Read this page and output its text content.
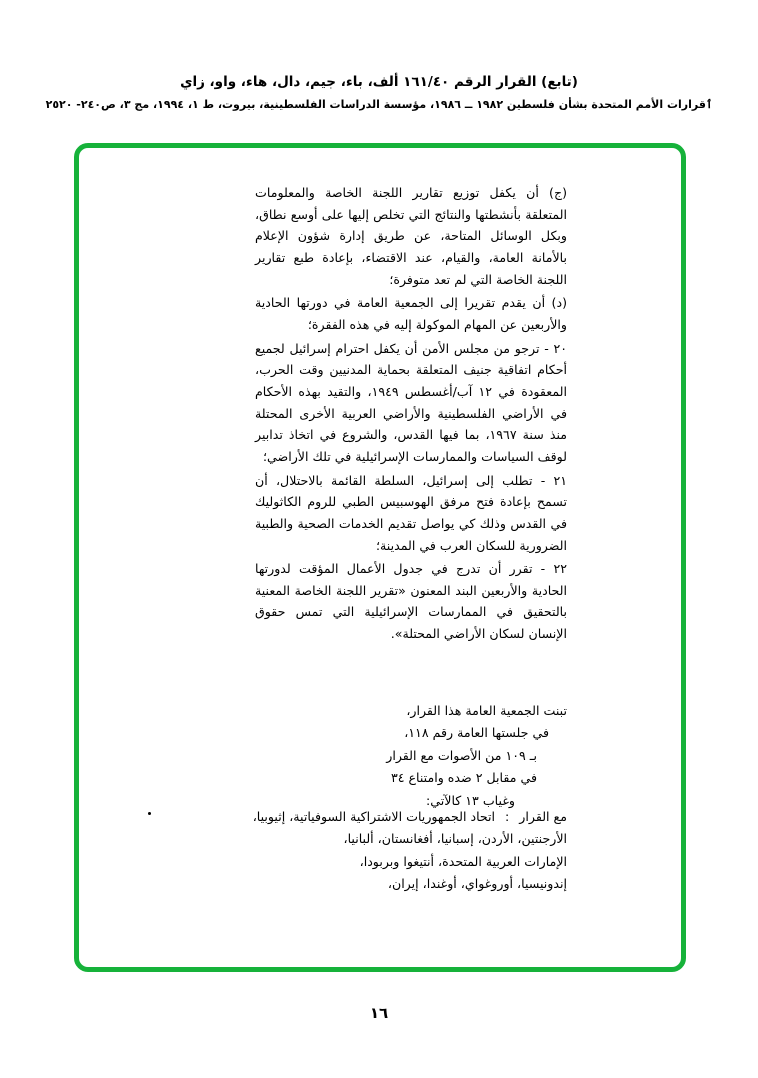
(تابع) القرار الرقم ١٦١/٤٠ ألف، باء، جيم، دال، هاء، واو، زاي
ٲقرارات الأمم المتحدة بشأن فلسطين ١٩٨٢ ــ ١٩٨٦، مؤسسة الدراسات الفلسطينية، بيروت، ط ١، ١٩٩٤، مج ٣، ص٢٤٠- ٢٥٢٠

(ج) أن يكفل توزيع تقارير اللجنة الخاصة والمعلومات المتعلقة بأنشطتها والنتائج التي تخلص إليها على أوسع نطاق، وبكل الوسائل المتاحة، عن طريق إدارة شؤون الإعلام بالأمانة العامة، والقيام، عند الاقتضاء، بإعادة طبع تقارير اللجنة الخاصة التي لم تعد متوفرة؛

(د) أن يقدم تقريرا إلى الجمعية العامة في دورتها الحادية والأربعين عن المهام الموكولة إليه في هذه الفقرة؛

٢٠ - ترجو من مجلس الأمن أن يكفل احترام إسرائيل لجميع أحكام اتفاقية جنيف المتعلقة بحماية المدنيين وقت الحرب، المعقودة في ١٢ آب/أغسطس ١٩٤٩، والتقيد بهذه الأحكام في الأراضي الفلسطينية والأراضي العربية الأخرى المحتلة منذ سنة ١٩٦٧، بما فيها القدس، والشروع في اتخاذ تدابير لوقف السياسات والممارسات الإسرائيلية في تلك الأراضي؛

٢١ - تطلب إلى إسرائيل، السلطة القائمة بالاحتلال، أن تسمح بإعادة فتح مرفق الهوسبيس الطبي للروم الكاثوليك في القدس وذلك كي يواصل تقديم الخدمات الصحية والطبية الضرورية للسكان العرب في المدينة؛

٢٢ - تقرر أن تدرج في جدول الأعمال المؤقت لدورتها الحادية والأربعين البند المعنون «تقرير اللجنة الخاصة المعنية بالتحقيق في الممارسات الإسرائيلية التي تمس حقوق الإنسان لسكان الأراضي المحتلة».

تبنت الجمعية العامة هذا القرار،
في جلستها العامة رقم ١١٨،
بـ ١٠٩ من الأصوات مع القرار
في مقابل ٢ ضده وامتناع ٣٤
وغياب ١٣ كالآتي:
مع القرار
:
اتحاد الجمهوريات الاشتراكية السوفياتية، إثيوبيا،
الأرجنتين، الأردن، إسبانيا، أفغانستان، ألبانيا،
الإمارات العربية المتحدة، أنتيغوا وبربودا،
إندونيسيا، أوروغواي، أوغندا، إيران،
١٦
